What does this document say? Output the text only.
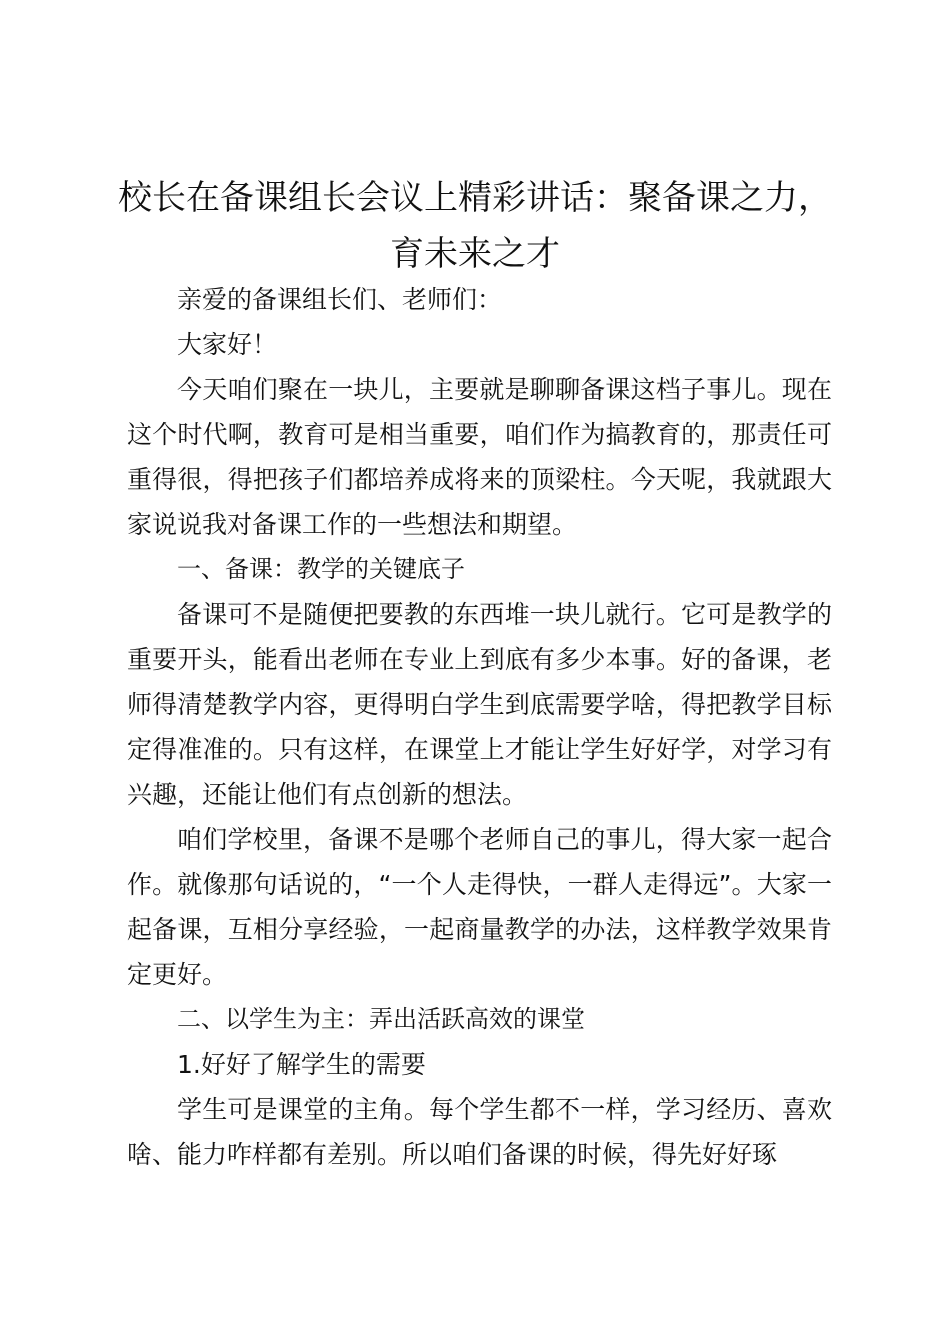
校长在备课组长会议上精彩讲话：聚备课之力，育未来之才

亲爱的备课组长们、老师们：

大家好！

今天咱们聚在一块儿，主要就是聊聊备课这档子事儿。现在这个时代啊，教育可是相当重要，咱们作为搞教育的，那责任可重得很，得把孩子们都培养成将来的顶梁柱。今天呢，我就跟大家说说我对备课工作的一些想法和期望。

一、备课：教学的关键底子

备课可不是随便把要教的东西堆一块儿就行。它可是教学的重要开头，能看出老师在专业上到底有多少本事。好的备课，老师得清楚教学内容，更得明白学生到底需要学啥，得把教学目标定得准准的。只有这样，在课堂上才能让学生好好学，对学习有兴趣，还能让他们有点创新的想法。

咱们学校里，备课不是哪个老师自己的事儿，得大家一起合作。就像那句话说的，“一个人走得快，一群人走得远”。大家一起备课，互相分享经验，一起商量教学的办法，这样教学效果肯定更好。

二、以学生为主：弄出活跃高效的课堂

1.好好了解学生的需要

学生可是课堂的主角。每个学生都不一样，学习经历、喜欢啥、能力咋样都有差别。所以咱们备课的时候，得先好好琢
